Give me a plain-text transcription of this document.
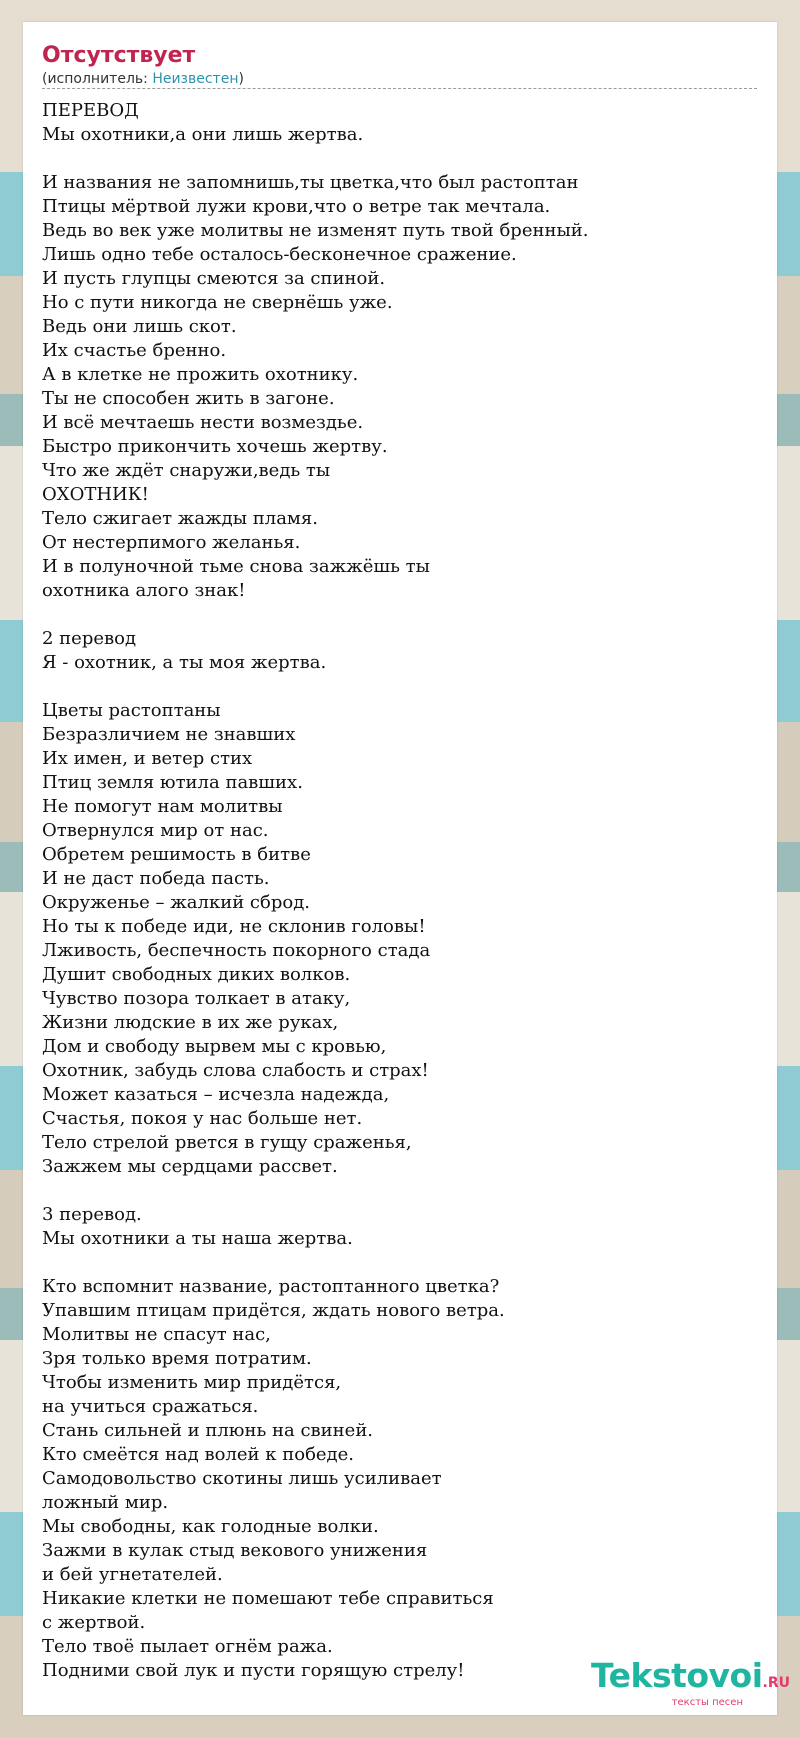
Отсутствует
(исполнитель: Неизвестен)
ПЕРЕВОД
Мы охотники,а они лишь жертва.
И названия не запомнишь,ты цветка,что был растоптан
Птицы мёртвой лужи крови,что о ветре так мечтала.
Ведь во век уже молитвы не изменят путь твой бренный.
Лишь одно тебе осталось-бесконечное сражение.
И пусть глупцы смеются за спиной.
Но с пути никогда не свернёшь уже.
Ведь они лишь скот.
Их счастье бренно.
А в клетке не прожить охотнику.
Ты не способен жить в загоне.
И всё мечтаешь нести возмездье.
Быстро прикончить хочешь жертву.
Что же ждёт снаружи,ведь ты
ОХОТНИК!
Тело сжигает жажды пламя.
От нестерпимого желанья.
И в полуночной тьме снова зажжёшь ты
охотника алого знак!
2 перевод
Я - охотник, а ты моя жертва.
Цветы растоптаны
Безразличием не знавших
Их имен, и ветер стих
Птиц земля ютила павших.
Не помогут нам молитвы
Отвернулся мир от нас.
Обретем решимость в битве
И не даст победа пасть.
Окруженье – жалкий сброд.
Но ты к победе иди, не склонив головы!
Лживость, беспечность покорного стада
Душит свободных диких волков.
Чувство позора толкает в атаку,
Жизни людские в их же руках,
Дом и свободу вырвем мы с кровью,
Охотник, забудь слова слабость и страх!
Может казаться – исчезла надежда,
Счастья, покоя у нас больше нет.
Тело стрелой рвется в гущу сраженья,
Зажжем мы сердцами рассвет.
3 перевод.
Мы охотники а ты наша жертва.
Кто вспомнит название, растоптанного цветка?
Упавшим птицам придётся, ждать нового ветра.
Молитвы не спасут нас,
Зря только время потратим.
Чтобы изменить мир придётся,
на учиться сражаться.
Стань сильней и плюнь на свиней.
Кто смеётся над волей к победе.
Самодовольство скотины лишь усиливает
ложный мир.
Мы свободны, как голодные волки.
Зажми в кулак стыд векового унижения
и бей угнетателей.
Никакие клетки не помешают тебе справиться
с жертвой.
Тело твоё пылает огнём ража.
Подними свой лук и пусти горящую стрелу!	Tekstovoi.RU
тексты песен
